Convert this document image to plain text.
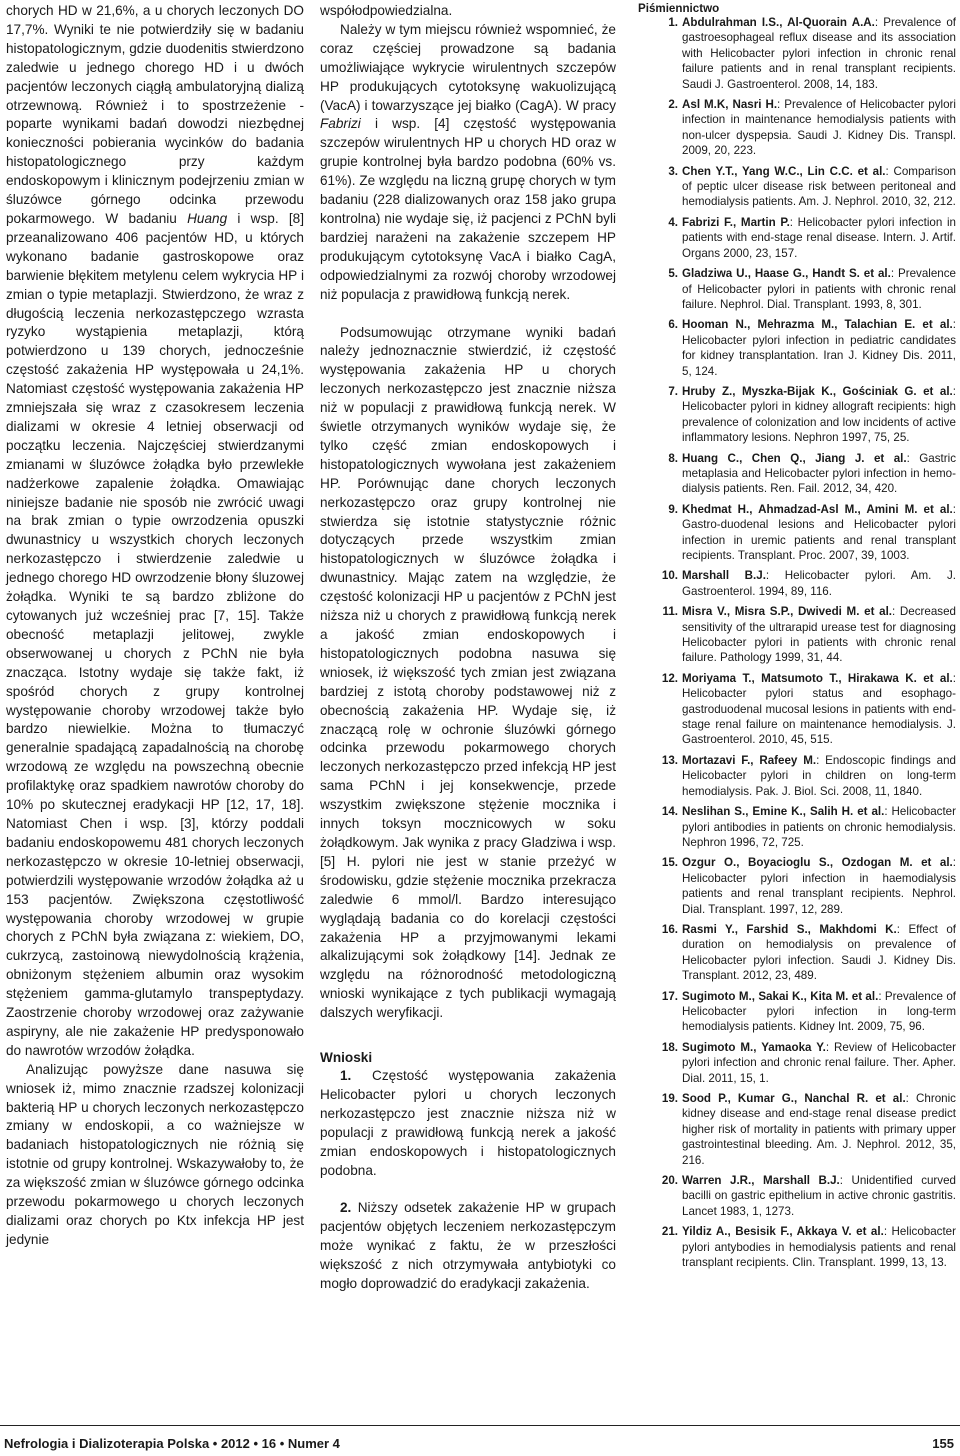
chorych HD w 21,6%, a u chorych leczonych DO 17,7%. Wyniki te nie potwierdziły się w badaniu histopatologicznym, gdzie duodenitis stwierdzono zaledwie u jednego chorego HD i u dwóch pacjentów leczonych ciągłą ambulatoryjną dializą otrzewnową. Również i to spostrzeżenie - poparte wynikami badań dowodzi niezbędnej konieczności pobierania wycinków do badania histopatologicznego przy każdym endoskopowym i klinicznym podejrzeniu zmian w śluzówce górnego odcinka przewodu pokarmowego. W badaniu Huang i wsp. [8] przeanalizowano 406 pacjentów HD, u których wykonano badanie gastroskopowe oraz barwienie błękitem metylenu celem wykrycia HP i zmian o typie metaplazji. Stwierdzono, że wraz z długością leczenia nerkozastępczego wzrasta ryzyko wystąpienia metaplazji, którą potwierdzono u 139 chorych, jednocześnie częstość zakażenia HP występowała u 24,1%. Natomiast częstość występowania zakażenia HP zmniejszała się wraz z czasokresem leczenia dializami w okresie 4 letniej obserwacji od początku leczenia. Najczęściej stwierdzanymi zmianami w śluzówce żołądka było przewlekłe nadżerkowe zapalenie żołądka. Omawiając niniejsze badanie nie sposób nie zwrócić uwagi na brak zmian o typie owrzodzenia opuszki dwunastnicy u wszystkich chorych leczonych nerkozastępczo i stwierdzenie zaledwie u jednego chorego HD owrzodzenie błony śluzowej żołądka. Wyniki te są bardzo zbliżone do cytowanych już wcześniej prac [7, 15]. Także obecność metaplazji jelitowej, zwykle obserwowanej u chorych z PChN nie była znacząca. Istotny wydaje się także fakt, iż spośród chorych z grupy kontrolnej występowanie choroby wrzodowej także było bardzo niewielkie. Można to tłumaczyć generalnie spadającą zapadalnością na chorobę wrzodową ze względu na powszechną obecnie profilaktykę oraz spadkiem nawrotów choroby do 10% po skutecznej eradykacji HP [12, 17, 18]. Natomiast Chen i wsp. [3], którzy poddali badaniu endoskopowemu 481 chorych leczonych nerkozastępczo w okresie 10-letniej obserwacji, potwierdzili występowanie wrzodów żołądka aż u 153 pacjentów. Zwiększona częstotliwość występowania choroby wrzodowej w grupie chorych z PChN była związana z: wiekiem, DO, cukrzycą, zastoinową niewydolnością krążenia, obniżonym stężeniem albumin oraz wysokim stężeniem gamma-glutamylo transpeptydazy. Zaostrzenie choroby wrzodowej oraz zażywanie aspiryny, ale nie zakażenie HP predysponowało do nawrotów wrzodów żołądka.

Analizując powyższe dane nasuwa się wniosek iż, mimo znacznie rzadszej kolonizacji bakterią HP u chorych leczonych nerkozastępczo zmiany w endoskopii, a co ważniejsze w badaniach histopatologicznych nie różnią się istotnie od grupy kontrolnej. Wskazywałoby to, że za większość zmian w śluzówce górnego odcinka przewodu pokarmowego u chorych leczonych dializami oraz chorych po Ktx infekcja HP jest jedynie

współodpowiedzialna.

Należy w tym miejscu również wspomnieć, że coraz częściej prowadzone są badania umożliwiające wykrycie wirulentnych szczepów HP produkujących cytotoksynę wakuolizującą (VacA) i towarzyszące jej białko (CagA). W pracy Fabrizi i wsp. [4] częstość występowania szczepów wirulentnych HP u chorych HD oraz w grupie kontrolnej była bardzo podobna (60% vs. 61%). Ze względu na liczną grupę chorych w tym badaniu (228 dializowanych oraz 158 jako grupa kontrolna) nie wydaje się, iż pacjenci z PChN byli bardziej narażeni na zakażenie szczepem HP produkującym cytotoksynę VacA i białko CagA, odpowiedzialnymi za rozwój choroby wrzodowej niż populacja z prawidłową funkcją nerek.

Podsumowując otrzymane wyniki badań należy jednoznacznie stwierdzić, iż częstość występowania zakażenia HP u chorych leczonych nerkozastępczo jest znacznie niższa niż w populacji z prawidłową funkcją nerek. W świetle otrzymanych wyników wydaje się, że tylko część zmian endoskopowych i histopatologicznych wywołana jest zakażeniem HP. Porównując dane chorych leczonych nerkozastępczo oraz grupy kontrolnej nie stwierdza się istotnie statystycznie różnic dotyczących przede wszystkim zmian histopatologicznych w śluzówce żołądka i dwunastnicy. Mając zatem na względzie, że częstość kolonizacji HP u pacjentów z PChN jest niższa niż u chorych z prawidłową funkcją nerek a jakość zmian endoskopowych i histopatologicznych podobna nasuwa się wniosek, iż większość tych zmian jest związana bardziej z istotą choroby podstawowej niż z obecnością zakażenia HP. Wydaje się, iż znaczącą rolę w ochronie śluzówki górnego odcinka przewodu pokarmowego chorych leczonych nerkozastępczo przed infekcją HP jest sama PChN i jej konsekwencje, przede wszystkim zwiększone stężenie mocznika i innych toksyn mocznicowych w soku żołądkowym. Jak wynika z pracy Gladziwa i wsp. [5] H. pylori nie jest w stanie przeżyć w środowisku, gdzie stężenie mocznika przekracza zaledwie 6 mmol/l. Bardzo interesująco wyglądają badania co do korelacji częstości zakażenia HP a przyjmowanymi lekami alkalizującymi sok żołądkowy [14]. Jednak ze względu na różnorodność metodologiczną wnioski wynikające z tych publikacji wymagają dalszych weryfikacji.

Wnioski

1. Częstość występowania zakażenia Helicobacter pylori u chorych leczonych nerkozastępczo jest znacznie niższa niż w populacji z prawidłową funkcją nerek a jakość zmian endoskopowych i histopatologicznych podobna.

2. Niższy odsetek zakażenie HP w grupach pacjentów objętych leczeniem nerkozastępczym może wynikać z faktu, że w przeszłości większość z nich otrzymywała antybiotyki co mogło doprowadzić do eradykacji zakażenia.

Piśmiennictwo
1. Abdulrahman I.S., Al-Quorain A.A.: Prevalence of gastroesophageal reflux disease and its association with Helicobacter pylori infection in chronic renal failure patients and in renal transplant recipients. Saudi J. Gastroenterol. 2008, 14, 183.
2. Asl M.K, Nasri H.: Prevalence of Helicobacter pylori infection in maintenance hemodialysis patients with non-ulcer dyspepsia. Saudi J. Kidney Dis. Transpl. 2009, 20, 223.
3. Chen Y.T., Yang W.C., Lin C.C. et al.: Comparison of peptic ulcer disease risk between peritoneal and hemodialysis patients. Am. J. Nephrol. 2010, 32, 212.
4. Fabrizi F., Martin P.: Helicobacter pylori infection in patients with end-stage renal disease. Intern. J. Artif. Organs 2000, 23, 157.
5. Gladziwa U., Haase G., Handt S. et al.: Prevalence of Helicobacter pylori in patients with chronic renal failure. Nephrol. Dial. Transplant. 1993, 8, 301.
6. Hooman N., Mehrazma M., Talachian E. et al.: Helicobacter pylori infection in pediatric candidates for kidney transplantation. Iran J. Kidney Dis. 2011, 5, 124.
7. Hruby Z., Myszka-Bijak K., Gościniak G. et al.: Helicobacter pylori in kidney allograft recipients: high prevalence of colonization and low incidents of active inflammatory lesions. Nephron 1997, 75, 25.
8. Huang C., Chen Q., Jiang J. et al.: Gastric metaplasia and Helicobacter pylori infection in hemo-dialysis patients. Ren. Fail. 2012, 34, 420.
9. Khedmat H., Ahmadzad-Asl M., Amini M. et al.: Gastro-duodenal lesions and Helicobacter pylori infection in uremic patients and renal transplant recipients. Transplant. Proc. 2007, 39, 1003.
10. Marshall B.J.: Helicobacter pylori. Am. J. Gastroenterol. 1994, 89, 116.
11. Misra V., Misra S.P., Dwivedi M. et al.: Decreased sensitivity of the ultrarapid urease test for diagnosing Helicobacter pylori in patients with chronic renal failure. Pathology 1999, 31, 44.
12. Moriyama T., Matsumoto T., Hirakawa K. et al.: Helicobacter pylori status and esophago-gastroduodenal mucosal lesions in patients with end-stage renal failure on maintenance hemodialysis. J. Gastroenterol. 2010, 45, 515.
13. Mortazavi F., Rafeey M.: Endoscopic findings and Helicobacter pylori in children on long-term hemodialysis. Pak. J. Biol. Sci. 2008, 11, 1840.
14. Neslihan S., Emine K., Salih H. et al.: Helicobacter pylori antibodies in patients on chronic hemodialysis. Nephron 1996, 72, 725.
15. Ozgur O., Boyacioglu S., Ozdogan M. et al.: Helicobacter pylori infection in haemodialysis patients and renal transplant recipients. Nephrol. Dial. Transplant. 1997, 12, 289.
16. Rasmi Y., Farshid S., Makhdomi K.: Effect of duration on hemodialysis on prevalence of Helicobacter pylori infection. Saudi J. Kidney Dis. Transplant. 2012, 23, 489.
17. Sugimoto M., Sakai K., Kita M. et al.: Prevalence of Helicobacter pylori infection in long-term hemodialysis patients. Kidney Int. 2009, 75, 96.
18. Sugimoto M., Yamaoka Y.: Review of Helicobacter pylori infection and chronic renal failure. Ther. Apher. Dial. 2011, 15, 1.
19. Sood P., Kumar G., Nanchal R. et al.: Chronic kidney disease and end-stage renal disease predict higher risk of mortality in patients with primary upper gastrointestinal bleeding. Am. J. Nephrol. 2012, 35, 216.
20. Warren J.R., Marshall B.J.: Unidentified curved bacilli on gastric epithelium in active chronic gastritis. Lancet 1983, 1, 1273.
21. Yildiz A., Besisik F., Akkaya V. et al.: Helicobacter pylori antybodies in hemodialysis patients and renal transplant recipients. Clin. Transplant. 1999, 13, 13.
Nefrologia i Dializoterapia Polska • 2012 • 16 • Numer 4	155
